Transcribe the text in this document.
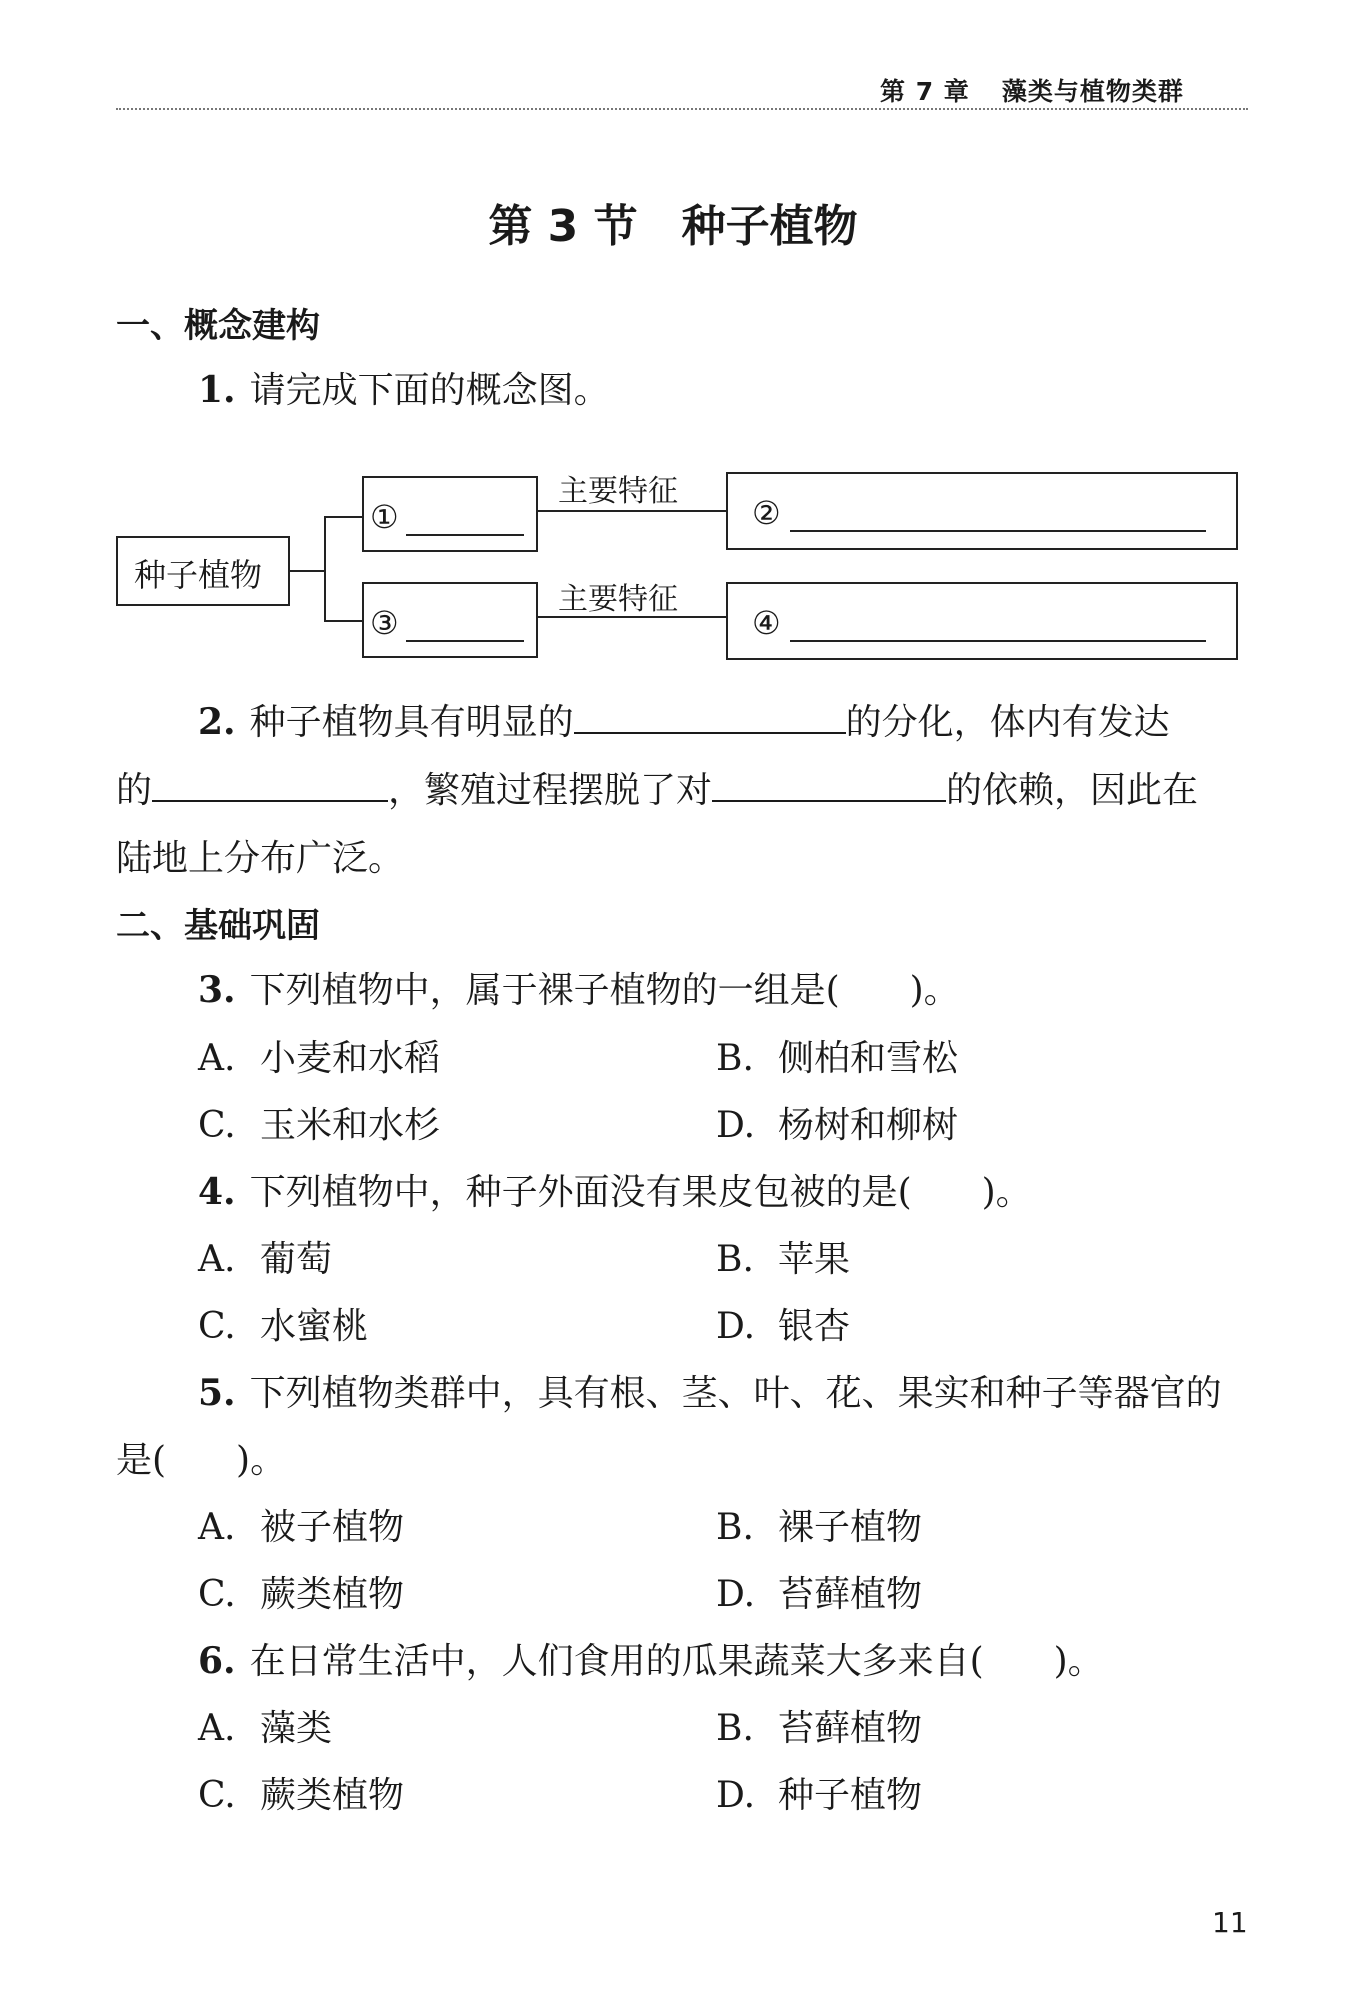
第 7 章 藻类与植物类群
第 3 节 种子植物
一、概念建构
1. 请完成下面的概念图。
种子植物
①
③
主要特征
主要特征
②
④
2. 种子植物具有明显的	的分化，体内有发达
的	，繁殖过程摆脱了对	的依赖，因此在
陆地上分布广泛。
二、基础巩固
3. 下列植物中，属于裸子植物的一组是( )。
A. 小麦和水稻	B. 侧柏和雪松
C. 玉米和水杉	D. 杨树和柳树
4. 下列植物中，种子外面没有果皮包被的是( )。
A. 葡萄	B. 苹果
C. 水蜜桃	D. 银杏
5. 下列植物类群中，具有根、茎、叶、花、果实和种子等器官的
是( )。
A. 被子植物	B. 裸子植物
C. 蕨类植物	D. 苔藓植物
6. 在日常生活中，人们食用的瓜果蔬菜大多来自( )。
A. 藻类	B. 苔藓植物
C. 蕨类植物	D. 种子植物
11
